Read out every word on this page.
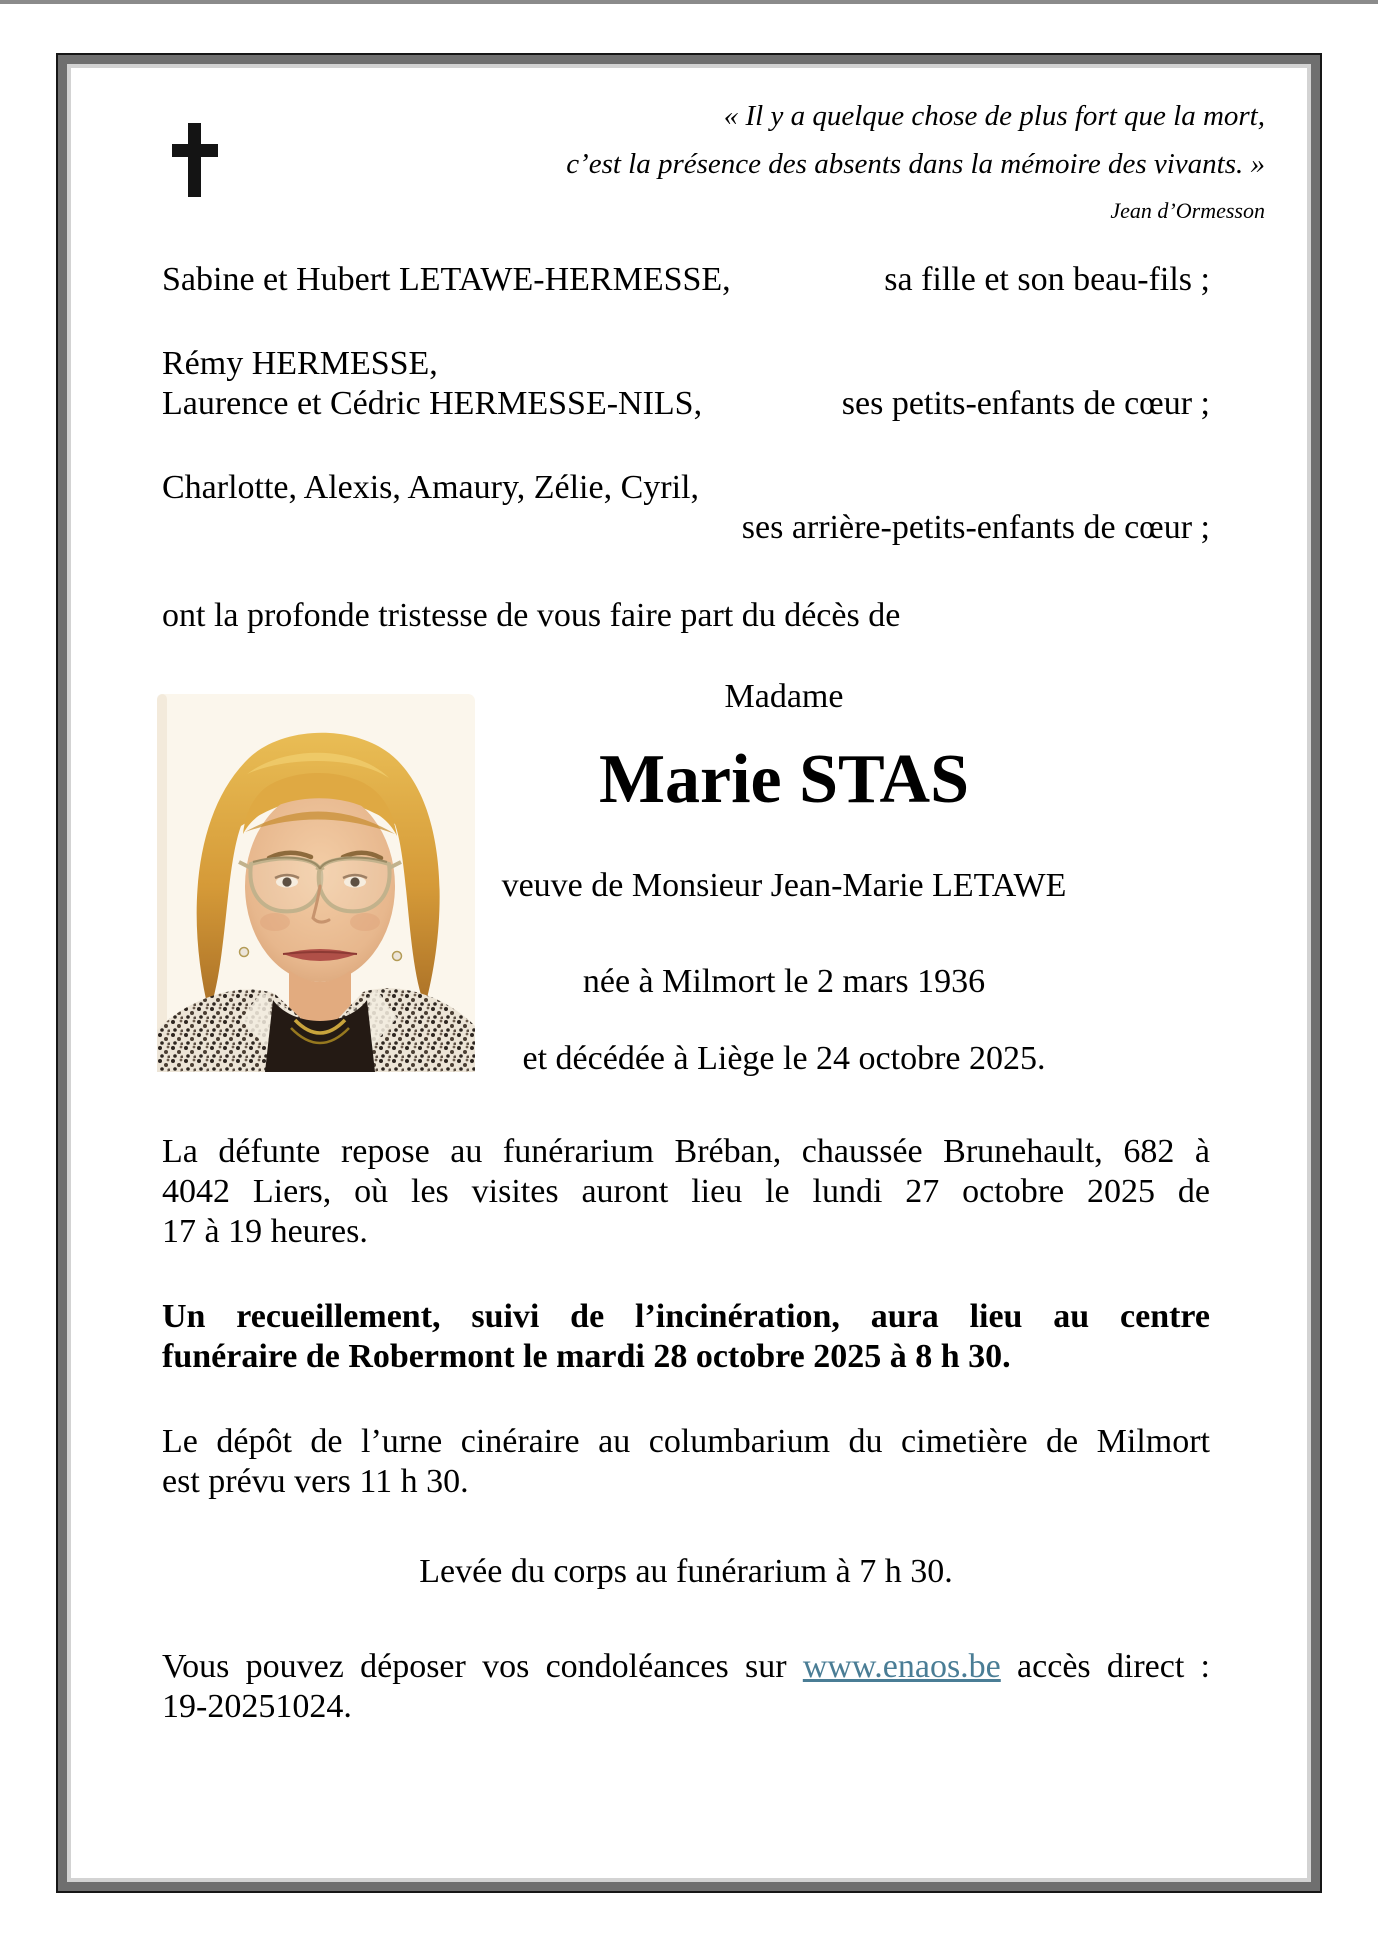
« Il y a quelque chose de plus fort que la mort,
c’est la présence des absents dans la mémoire des vivants. »
Jean d’Ormesson
Sabine et Hubert LETAWE-HERMESSE,	sa fille et son beau-fils ;
Rémy HERMESSE,
Laurence et Cédric HERMESSE-NILS,	ses petits-enfants de cœur ;
Charlotte, Alexis, Amaury, Zélie, Cyril,
ses arrière-petits-enfants de cœur ;
ont la profonde tristesse de vous faire part du décès de
Madame
Marie STAS
veuve de Monsieur Jean-Marie LETAWE
née à Milmort le 2 mars 1936
et décédée à Liège le 24 octobre 2025.
La défunte repose au funérarium Bréban, chaussée Brunehault, 682 à
4042 Liers, où les visites auront lieu le lundi 27 octobre 2025 de
17 à 19 heures.
Un recueillement, suivi de l’incinération, aura lieu au centre
funéraire de Robermont le mardi 28 octobre 2025 à 8 h 30.
Le dépôt de l’urne cinéraire au columbarium du cimetière de Milmort
est prévu vers 11 h 30.
Levée du corps au funérarium à 7 h 30.
Vous pouvez déposer vos condoléances sur www.enaos.be accès direct :
19-20251024.
